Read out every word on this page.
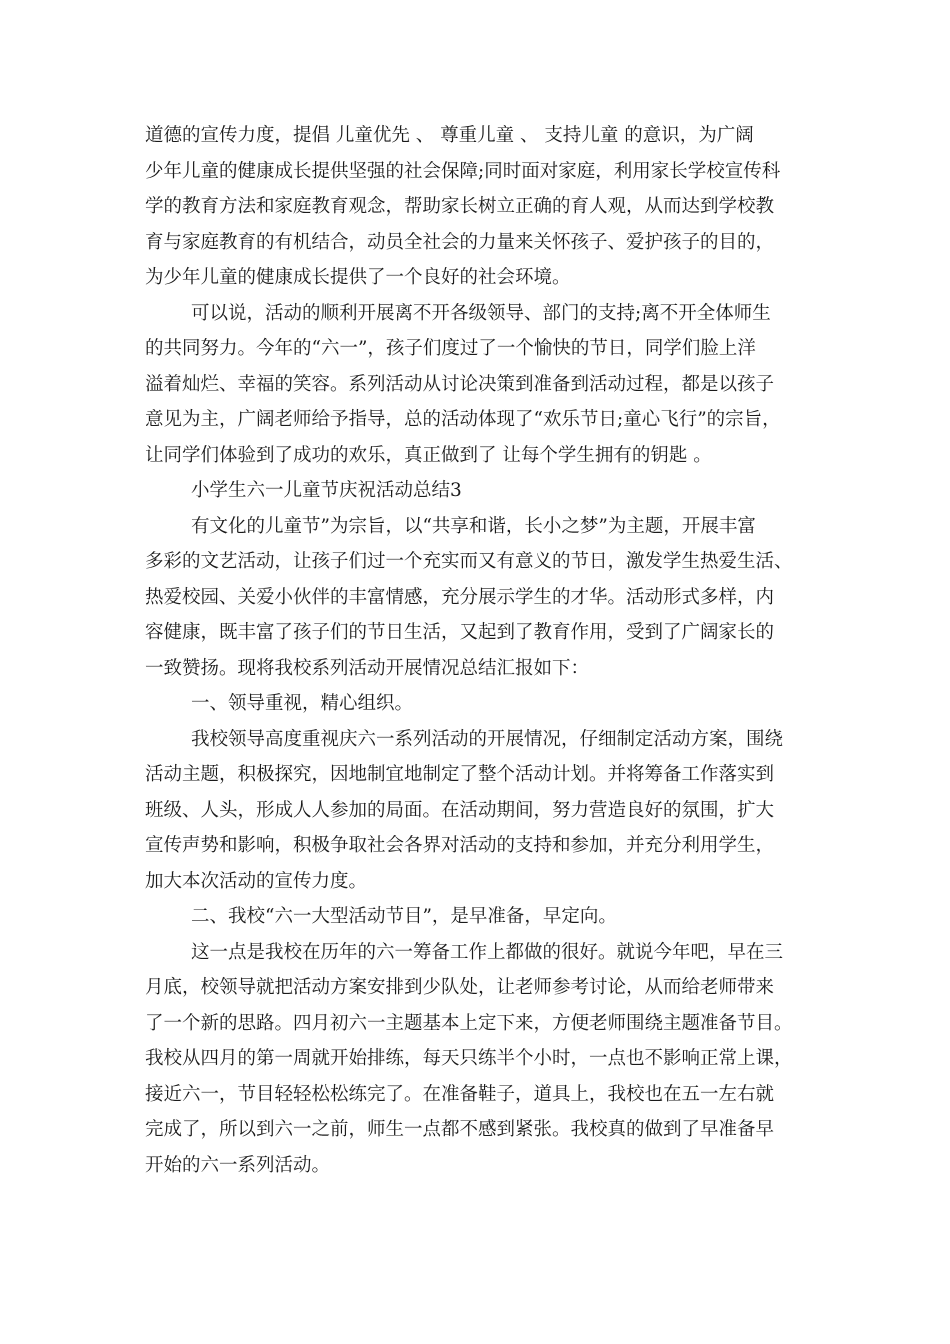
道德的宣传力度，提倡 儿童优先 、 尊重儿童 、 支持儿童 的意识，为广阔
少年儿童的健康成长提供坚强的社会保障;同时面对家庭，利用家长学校宣传科
学的教育方法和家庭教育观念，帮助家长树立正确的育人观，从而达到学校教
育与家庭教育的有机结合，动员全社会的力量来关怀孩子、爱护孩子的目的，
为少年儿童的健康成长提供了一个良好的社会环境。
可以说，活动的顺利开展离不开各级领导、部门的支持;离不开全体师生
的共同努力。今年的“六一”，孩子们度过了一个愉快的节日，同学们脸上洋
溢着灿烂、幸福的笑容。系列活动从讨论决策到准备到活动过程，都是以孩子
意见为主，广阔老师给予指导，总的活动体现了“欢乐节日;童心飞行”的宗旨，
让同学们体验到了成功的欢乐，真正做到了 让每个学生拥有的钥匙 。
小学生六一儿童节庆祝活动总结3
有文化的儿童节”为宗旨，以“共享和谐，长小之梦”为主题，开展丰富
多彩的文艺活动，让孩子们过一个充实而又有意义的节日，激发学生热爱生活、
热爱校园、关爱小伙伴的丰富情感，充分展示学生的才华。活动形式多样，内
容健康，既丰富了孩子们的节日生活，又起到了教育作用，受到了广阔家长的
一致赞扬。现将我校系列活动开展情况总结汇报如下：
一、领导重视，精心组织。
我校领导高度重视庆六一系列活动的开展情况，仔细制定活动方案，围绕
活动主题，积极探究，因地制宜地制定了整个活动计划。并将筹备工作落实到
班级、人头，形成人人参加的局面。在活动期间，努力营造良好的氛围，扩大
宣传声势和影响，积极争取社会各界对活动的支持和参加，并充分利用学生，
加大本次活动的宣传力度。
二、我校“六一大型活动节目”，是早准备，早定向。
这一点是我校在历年的六一筹备工作上都做的很好。就说今年吧，早在三
月底，校领导就把活动方案安排到少队处，让老师参考讨论，从而给老师带来
了一个新的思路。四月初六一主题基本上定下来，方便老师围绕主题准备节目。
我校从四月的第一周就开始排练，每天只练半个小时，一点也不影响正常上课，
接近六一，节目轻轻松松练完了。在准备鞋子，道具上，我校也在五一左右就
完成了，所以到六一之前，师生一点都不感到紧张。我校真的做到了早准备早
开始的六一系列活动。
